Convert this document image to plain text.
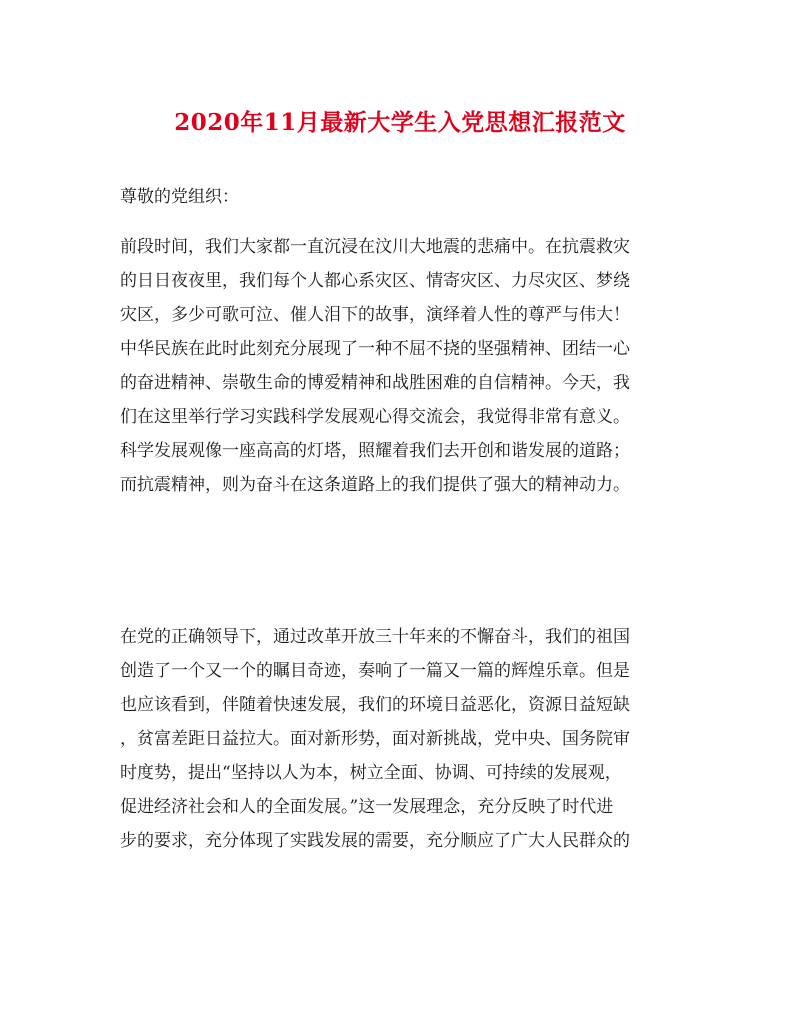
2020年11月最新大学生入党思想汇报范文

尊敬的党组织：

前段时间，我们大家都一直沉浸在汶川大地震的悲痛中。在抗震救灾
的日日夜夜里，我们每个人都心系灾区、情寄灾区、力尽灾区、梦绕
灾区，多少可歌可泣、催人泪下的故事，演绎着人性的尊严与伟大！
中华民族在此时此刻充分展现了一种不屈不挠的坚强精神、团结一心
的奋进精神、崇敬生命的博爱精神和战胜困难的自信精神。今天，我
们在这里举行学习实践科学发展观心得交流会，我觉得非常有意义。
科学发展观像一座高高的灯塔，照耀着我们去开创和谐发展的道路；
而抗震精神，则为奋斗在这条道路上的我们提供了强大的精神动力。
在党的正确领导下，通过改革开放三十年来的不懈奋斗，我们的祖国
创造了一个又一个的瞩目奇迹，奏响了一篇又一篇的辉煌乐章。但是
也应该看到，伴随着快速发展，我们的环境日益恶化，资源日益短缺
，贫富差距日益拉大。面对新形势，面对新挑战，党中央、国务院审
时度势，提出“坚持以人为本，树立全面、协调、可持续的发展观，
促进经济社会和人的全面发展。”这一发展理念，充分反映了时代进
步的要求，充分体现了实践发展的需要，充分顺应了广大人民群众的
